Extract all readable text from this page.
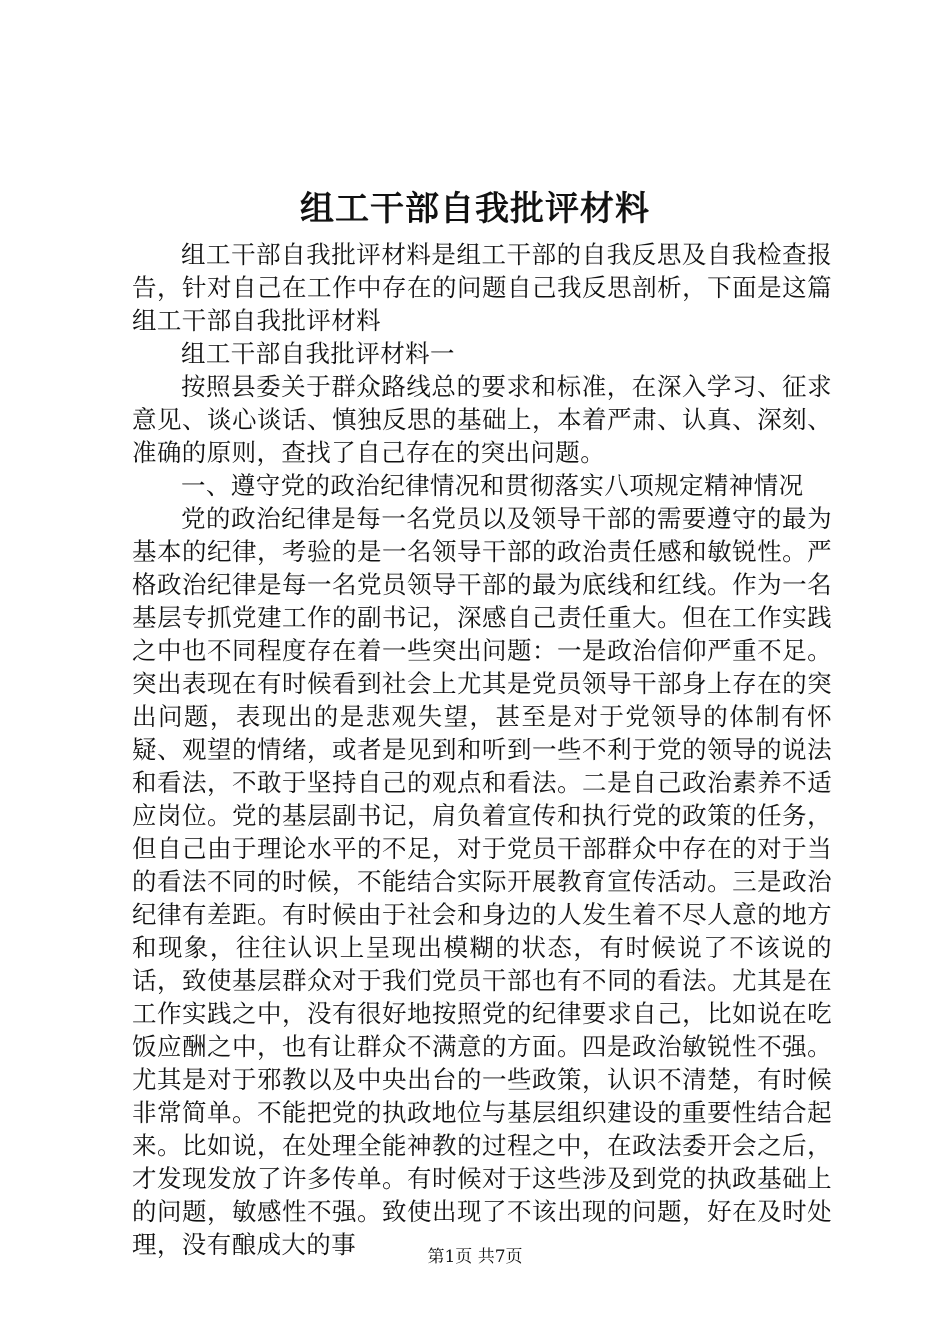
组工干部自我批评材料

组工干部自我批评材料是组工干部的自我反思及自我检查报告，针对自己在工作中存在的问题自己我反思剖析，下面是这篇组工干部自我批评材料

组工干部自我批评材料一

按照县委关于群众路线总的要求和标准，在深入学习、征求意见、谈心谈话、慎独反思的基础上，本着严肃、认真、深刻、准确的原则，查找了自己存在的突出问题。

一、遵守党的政治纪律情况和贯彻落实八项规定精神情况

党的政治纪律是每一名党员以及领导干部的需要遵守的最为基本的纪律，考验的是一名领导干部的政治责任感和敏锐性。严格政治纪律是每一名党员领导干部的最为底线和红线。作为一名基层专抓党建工作的副书记，深感自己责任重大。但在工作实践之中也不同程度存在着一些突出问题：一是政治信仰严重不足。突出表现在有时候看到社会上尤其是党员领导干部身上存在的突出问题，表现出的是悲观失望，甚至是对于党领导的体制有怀疑、观望的情绪，或者是见到和听到一些不利于党的领导的说法和看法，不敢于坚持自己的观点和看法。二是自己政治素养不适应岗位。党的基层副书记，肩负着宣传和执行党的政策的任务，但自己由于理论水平的不足，对于党员干部群众中存在的对于当的看法不同的时候，不能结合实际开展教育宣传活动。三是政治纪律有差距。有时候由于社会和身边的人发生着不尽人意的地方和现象，往往认识上呈现出模糊的状态，有时候说了不该说的话，致使基层群众对于我们党员干部也有不同的看法。尤其是在工作实践之中，没有很好地按照党的纪律要求自己，比如说在吃饭应酬之中，也有让群众不满意的方面。四是政治敏锐性不强。尤其是对于邪教以及中央出台的一些政策，认识不清楚，有时候非常简单。不能把党的执政地位与基层组织建设的重要性结合起来。比如说，在处理全能神教的过程之中，在政法委开会之后，才发现发放了许多传单。有时候对于这些涉及到党的执政基础上的问题，敏感性不强。致使出现了不该出现的问题，好在及时处理，没有酿成大的事	第1页 共7页
